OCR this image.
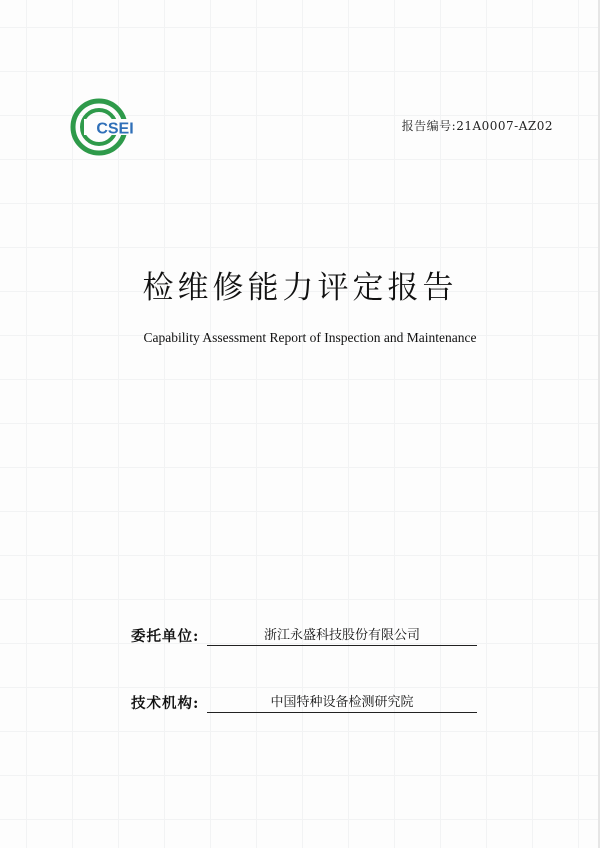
CSEI	报告编号:21A0007-AZ02
检维修能力评定报告
Capability Assessment Report of Inspection and Maintenance
委托单位:	浙江永盛科技股份有限公司
技术机构:	中国特种设备检测研究院
